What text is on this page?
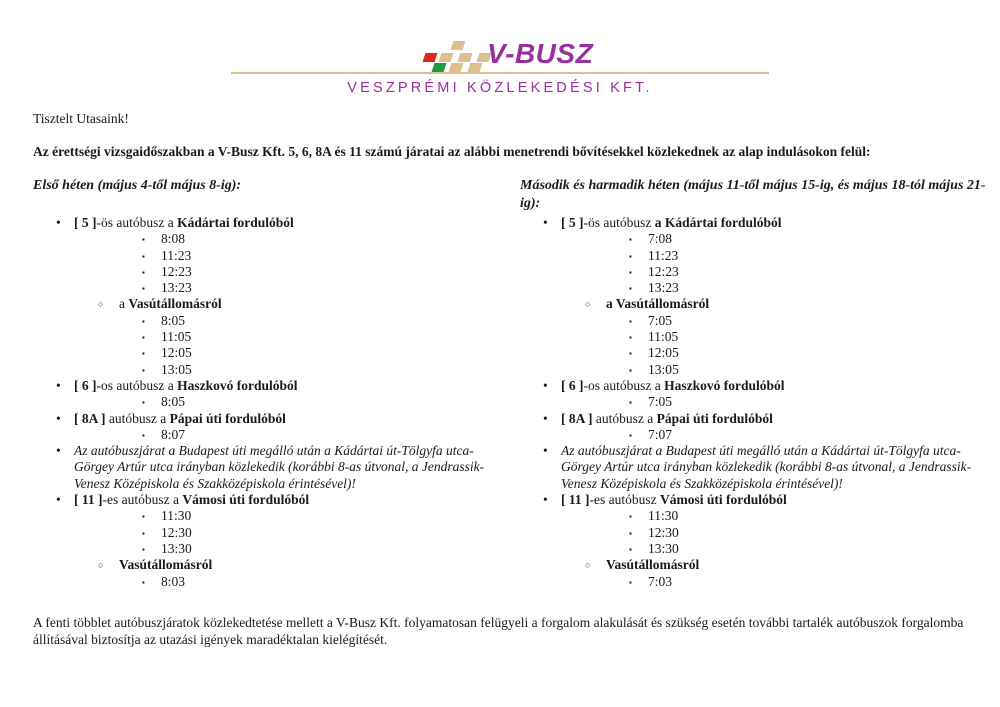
V-BUSZ
VESZPRÉMI KÖZLEKEDÉSI KFT.

Tisztelt Utasaink!

Az érettségi vizsgaidőszakban a V-Busz Kft. 5, 6, 8A és 11 számú járatai az alábbi menetrendi bővítésekkel közlekednek az alap indulásokon felül:

Első héten (május 4-től május 8-ig):
• [ 5 ]-ös autóbusz a Kádártai fordulóból
▪ 8:08
▪ 11:23
▪ 12:23
▪ 13:23
○ a Vasútállomásról
▪ 8:05
▪ 11:05
▪ 12:05
▪ 13:05
• [ 6 ]-os autóbusz a Haszkovó fordulóból
▪ 8:05
• [ 8A ] autóbusz a Pápai úti fordulóból
▪ 8:07
• Az autóbuszjárat a Budapest úti megálló után a Kádártai út-Tölgyfa utca-Görgey Artúr utca irányban közlekedik (korábbi 8-as útvonal, a Jendrassik-Venesz Középiskola és Szakközépiskola érintésével)!
• [ 11 ]-es autóbusz a Vámosi úti fordulóból
▪ 11:30
▪ 12:30
▪ 13:30
○ Vasútállomásról
▪ 8:03
Második és harmadik héten (május 11-től május 15-ig, és május 18-tól május 21-ig):
• [ 5 ]-ös autóbusz a Kádártai fordulóból
▪ 7:08
▪ 11:23
▪ 12:23
▪ 13:23
○ a Vasútállomásról
▪ 7:05
▪ 11:05
▪ 12:05
▪ 13:05
• [ 6 ]-os autóbusz a Haszkovó fordulóból
▪ 7:05
• [ 8A ] autóbusz a Pápai úti fordulóból
▪ 7:07
• Az autóbuszjárat a Budapest úti megálló után a Kádártai út-Tölgyfa utca-Görgey Artúr utca irányban közlekedik (korábbi 8-as útvonal, a Jendrassik-Venesz Középiskola és Szakközépiskola érintésével)!
• [ 11 ]-es autóbusz Vámosi úti fordulóból
▪ 11:30
▪ 12:30
▪ 13:30
○ Vasútállomásról
▪ 7:03

A fenti többlet autóbuszjáratok közlekedtetése mellett a V-Busz Kft. folyamatosan felügyeli a forgalom alakulását és szükség esetén további tartalék autóbuszok forgalomba állításával biztosítja az utazási igények maradéktalan kielégítését.
